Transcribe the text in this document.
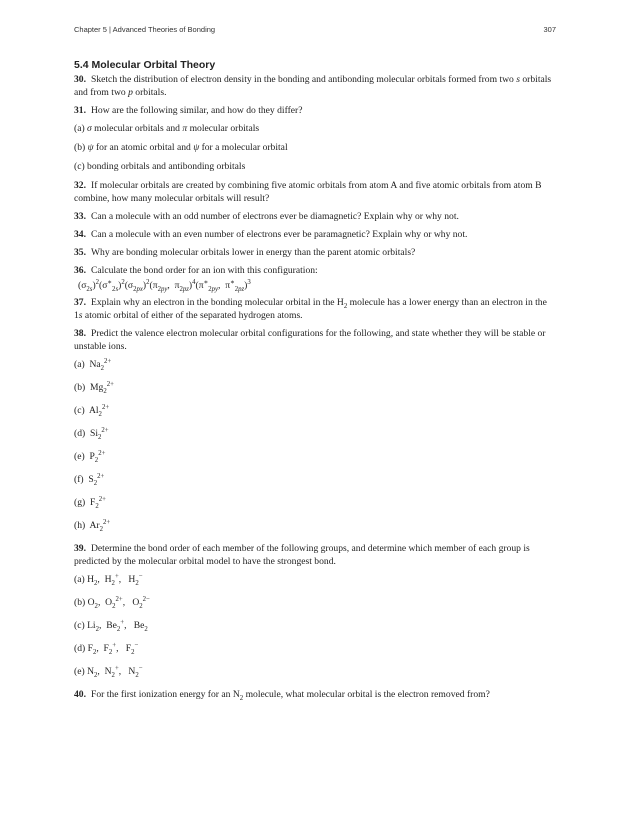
Chapter 5 | Advanced Theories of Bonding	307
5.4 Molecular Orbital Theory

30. Sketch the distribution of electron density in the bonding and antibonding molecular orbitals formed from two s orbitals and from two p orbitals.

31. How are the following similar, and how do they differ?

(a) σ molecular orbitals and π molecular orbitals

(b) ψ for an atomic orbital and ψ for a molecular orbital

(c) bonding orbitals and antibonding orbitals

32. If molecular orbitals are created by combining five atomic orbitals from atom A and five atomic orbitals from atom B combine, how many molecular orbitals will result?

33. Can a molecule with an odd number of electrons ever be diamagnetic? Explain why or why not.

34. Can a molecule with an even number of electrons ever be paramagnetic? Explain why or why not.

35. Why are bonding molecular orbitals lower in energy than the parent atomic orbitals?

36. Calculate the bond order for an ion with this configuration:

$(\sigma_{2s})^2(\sigma^∗_{2s})^2(\sigma_{2px})^2(\pi_{2py}$,  $\pi_{2pz})^4(\pi^∗_{2py}$,  $\pi^∗_{2pz})^3$

37. Explain why an electron in the bonding molecular orbital in the $H_2$ molecule has a lower energy than an electron in the 1s atomic orbital of either of the separated hydrogen atoms.

38. Predict the valence electron molecular orbital configurations for the following, and state whether they will be stable or unstable ions.

(a) $Na_2^{2+}$

(b) $Mg_2^{2+}$

(c) $Al_2^{2+}$

(d) $Si_2^{2+}$

(e) $P_2^{2+}$

(f) $S_2^{2+}$

(g) $F_2^{2+}$

(h) $Ar_2^{2+}$

39. Determine the bond order of each member of the following groups, and determine which member of each group is predicted by the molecular orbital model to have the strongest bond.

(a) $H_2$,  $H_2^+$,   $H_2^-$

(b) $O_2$,  $O_2^{2+}$,   $O_2^{2-}$

(c) $Li_2$,  $Be_2^+$,   $Be_2$

(d) $F_2$,  $F_2^+$,   $F_2^-$

(e) $N_2$,  $N_2^+$,   $N_2^-$

40. For the first ionization energy for an $N_2$ molecule, what molecular orbital is the electron removed from?
